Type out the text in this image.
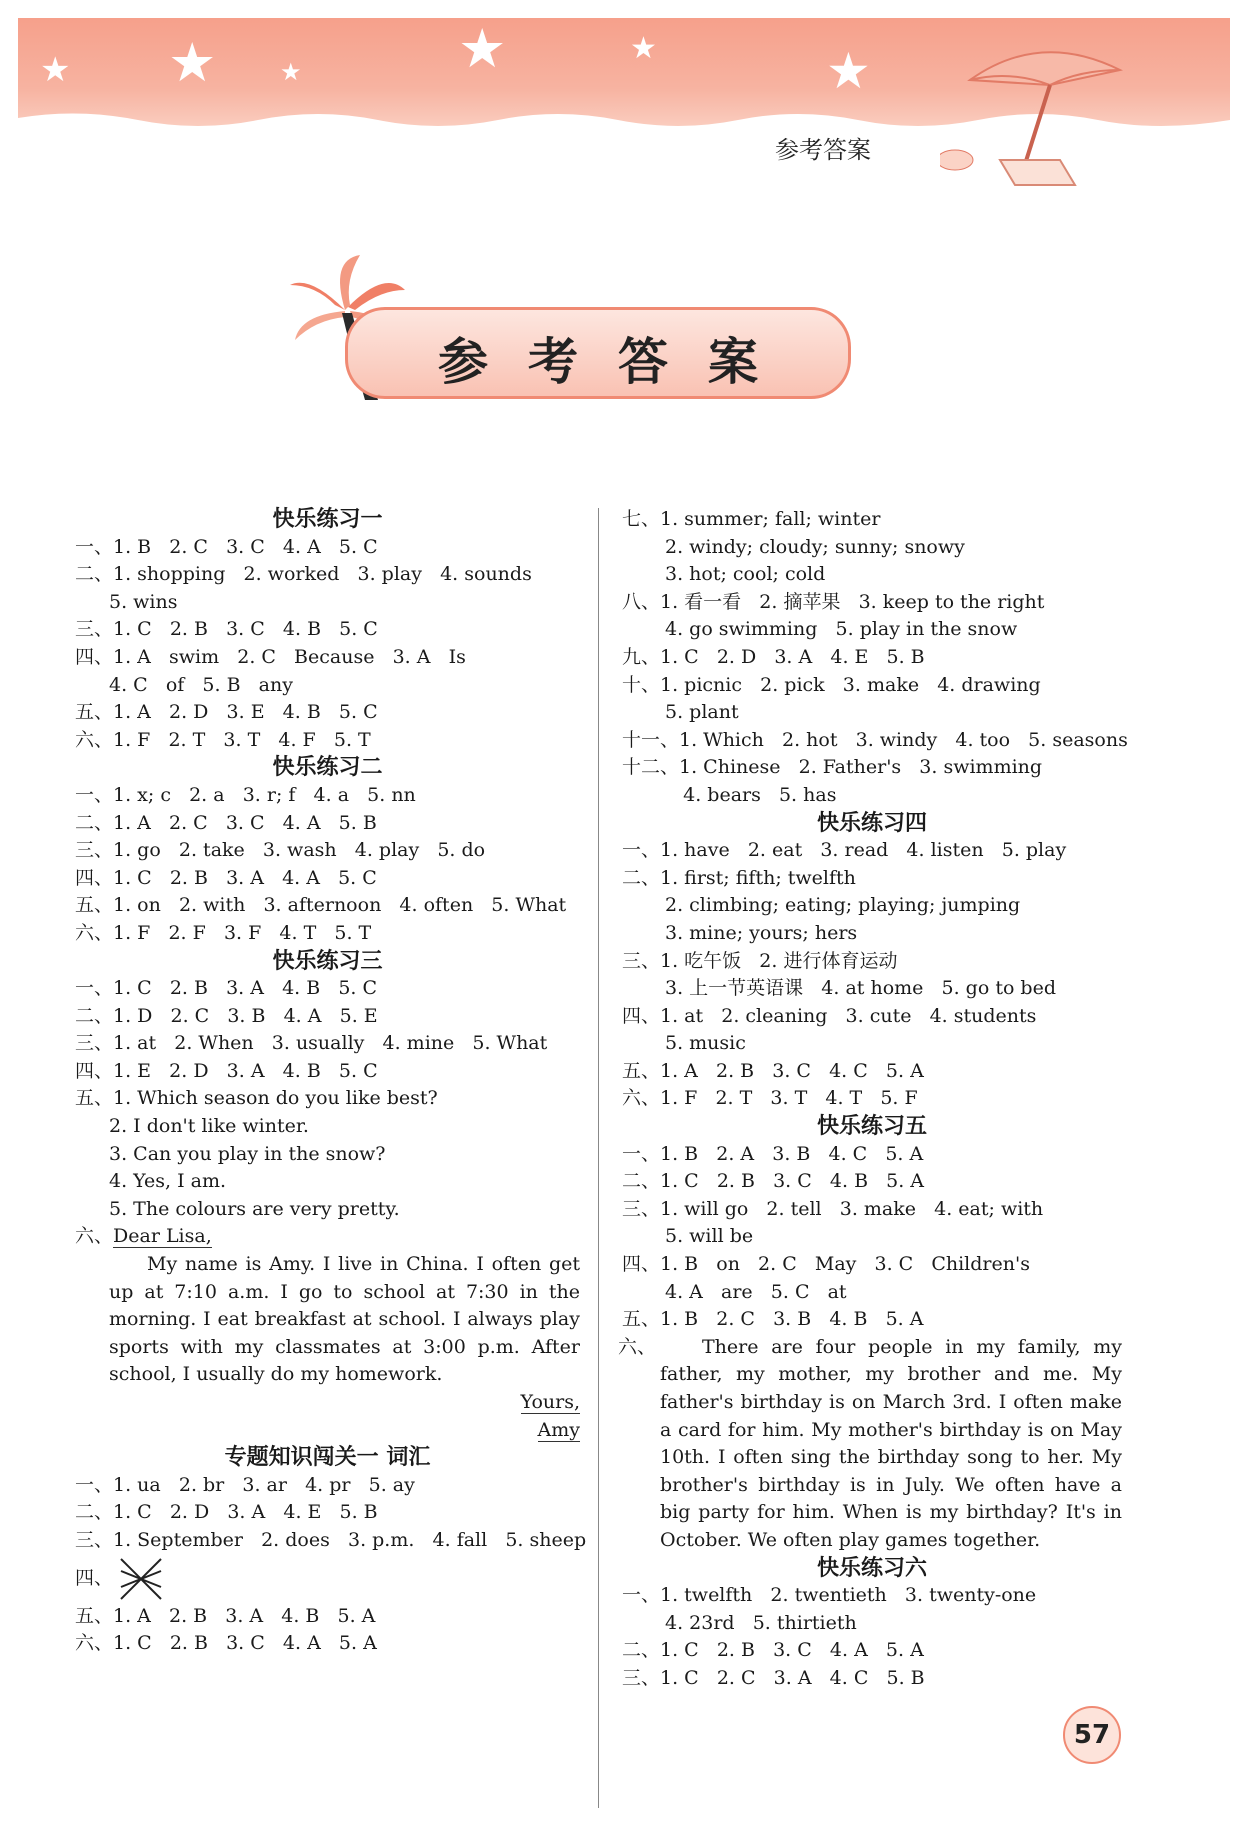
★ ★	★	★	★	★
参考答案
参考答案
快乐练习一
一、1. B   2. C   3. C   4. A   5. C
二、1. shopping   2. worked   3. play   4. sounds
5. wins
三、1. C   2. B   3. C   4. B   5. C
四、1. A   swim   2. C   Because   3. A   Is
4. C   of   5. B   any
五、1. A   2. D   3. E   4. B   5. C
六、1. F   2. T   3. T   4. F   5. T
快乐练习二
一、1. x; c   2. a   3. r; f   4. a   5. nn
二、1. A   2. C   3. C   4. A   5. B
三、1. go   2. take   3. wash   4. play   5. do
四、1. C   2. B   3. A   4. A   5. C
五、1. on   2. with   3. afternoon   4. often   5. What
六、1. F   2. F   3. F   4. T   5. T
快乐练习三
一、1. C   2. B   3. A   4. B   5. C
二、1. D   2. C   3. B   4. A   5. E
三、1. at   2. When   3. usually   4. mine   5. What
四、1. E   2. D   3. A   4. B   5. C
五、1. Which season do you like best?
2. I don't like winter.
3. Can you play in the snow?
4. Yes, I am.
5. The colours are very pretty.
六、Dear Lisa,
My name is Amy. I live in China. I often get up at 7:10 a.m. I go to school at 7:30 in the morning. I eat breakfast at school. I always play sports with my classmates at 3:00 p.m. After school, I usually do my homework.
Yours,
Amy
专题知识闯关一 词汇
一、1. ua   2. br   3. ar   4. pr   5. ay
二、1. C   2. D   3. A   4. E   5. B
三、1. September   2. does   3. p.m.   4. fall   5. sheep
四、
五、1. A   2. B   3. A   4. B   5. A
六、1. C   2. B   3. C   4. A   5. A
七、1. summer; fall; winter
2. windy; cloudy; sunny; snowy
3. hot; cool; cold
八、1. 看一看   2. 摘苹果   3. keep to the right
4. go swimming   5. play in the snow
九、1. C   2. D   3. A   4. E   5. B
十、1. picnic   2. pick   3. make   4. drawing
5. plant
十一、1. Which   2. hot   3. windy   4. too   5. seasons
十二、1. Chinese   2. Father's   3. swimming
4. bears   5. has
快乐练习四
一、1. have   2. eat   3. read   4. listen   5. play
二、1. first; fifth; twelfth
2. climbing; eating; playing; jumping
3. mine; yours; hers
三、1. 吃午饭   2. 进行体育运动
3. 上一节英语课   4. at home   5. go to bed
四、1. at   2. cleaning   3. cute   4. students
5. music
五、1. A   2. B   3. C   4. C   5. A
六、1. F   2. T   3. T   4. T   5. F
快乐练习五
一、1. B   2. A   3. B   4. C   5. A
二、1. C   2. B   3. C   4. B   5. A
三、1. will go   2. tell   3. make   4. eat; with
5. will be
四、1. B   on   2. C   May   3. C   Children's
4. A   are   5. C   at
五、1. B   2. C   3. B   4. B   5. A
六、 There are four people in my family, my father, my mother, my brother and me. My father's birthday is on March 3rd. I often make a card for him. My mother's birthday is on May 10th. I often sing the birthday song to her. My brother's birthday is in July. We often have a big party for him. When is my birthday? It's in October. We often play games together.
快乐练习六
一、1. twelfth   2. twentieth   3. twenty-one
4. 23rd   5. thirtieth
二、1. C   2. B   3. C   4. A   5. A
三、1. C   2. C   3. A   4. C   5. B
57
